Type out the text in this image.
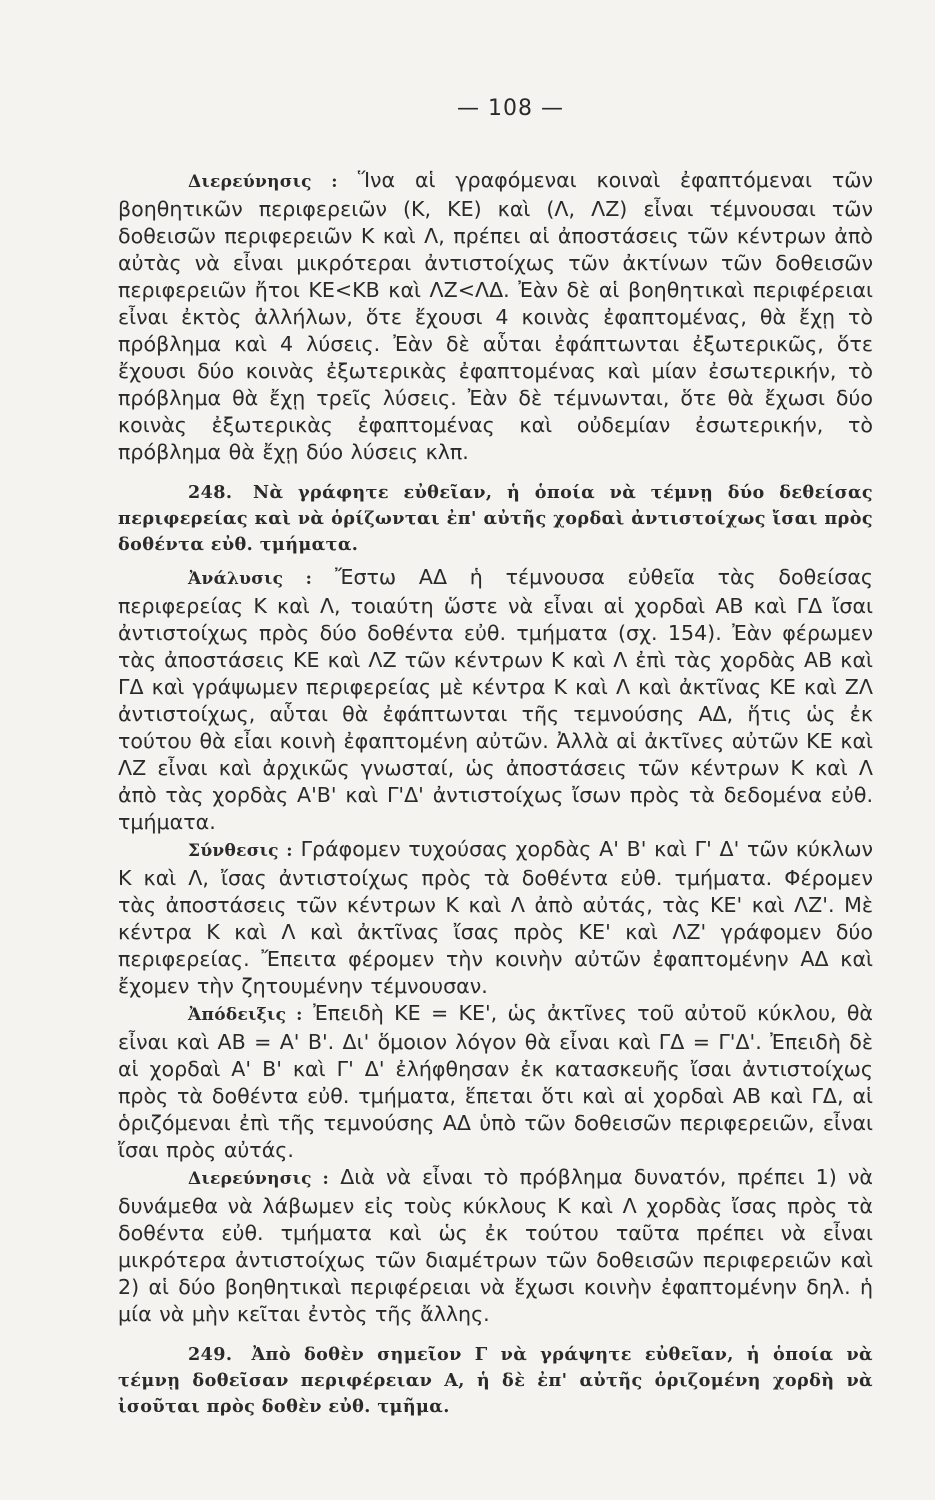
— 108 —

Διερεύνησις : Ἵνα αἱ γραφόμεναι κοιναὶ ἐφαπτόμεναι τῶν βοηθητικῶν περιφερειῶν (Κ, ΚΕ) καὶ (Λ, ΛΖ) εἶναι τέμνουσαι τῶν δοθεισῶν περιφερειῶν Κ καὶ Λ, πρέπει αἱ ἀποστάσεις τῶν κέντρων ἀπὸ αὐτὰς νὰ εἶναι μικρότεραι ἀντιστοίχως τῶν ἀκτίνων τῶν δοθεισῶν περιφερειῶν ἤτοι ΚΕ<ΚΒ καὶ ΛΖ<ΛΔ. Ἐὰν δὲ αἱ βοηθητικαὶ περιφέρειαι εἶναι ἐκτὸς ἀλλήλων, ὅτε ἔχουσι 4 κοινὰς ἐφαπτομένας, θὰ ἔχῃ τὸ πρόβλημα καὶ 4 λύσεις. Ἐὰν δὲ αὗται ἐφάπτωνται ἐξωτερικῶς, ὅτε ἔχουσι δύο κοινὰς ἐξωτερικὰς ἐφαπτομένας καὶ μίαν ἐσωτερικήν, τὸ πρόβλημα θὰ ἔχῃ τρεῖς λύσεις. Ἐὰν δὲ τέμνωνται, ὅτε θὰ ἔχωσι δύο κοινὰς ἐξωτερικὰς ἐφαπτομένας καὶ οὐδεμίαν ἐσωτερικήν, τὸ πρόβλημα θὰ ἔχῃ δύο λύσεις κλπ.

248. Νὰ γράφητε εὐθεῖαν, ἡ ὁποία νὰ τέμνῃ δύο δεθείσας περιφερείας καὶ νὰ ὁρίζωνται ἐπ' αὐτῆς χορδαὶ ἀντιστοίχως ἴσαι πρὸς δοθέντα εὐθ. τμήματα.

Ἀνάλυσις : Ἔστω ΑΔ ἡ τέμνουσα εὐθεῖα τὰς δοθείσας περιφερείας Κ καὶ Λ, τοιαύτη ὥστε νὰ εἶναι αἱ χορδαὶ ΑΒ καὶ ΓΔ ἴσαι ἀντιστοίχως πρὸς δύο δοθέντα εὐθ. τμήματα (σχ. 154). Ἐὰν φέρωμεν τὰς ἀποστάσεις ΚΕ καὶ ΛΖ τῶν κέντρων Κ καὶ Λ ἐπὶ τὰς χορδὰς ΑΒ καὶ ΓΔ καὶ γράψωμεν περιφερείας μὲ κέντρα Κ καὶ Λ καὶ ἀκτῖνας ΚΕ καὶ ΖΛ ἀντιστοίχως, αὗται θὰ ἐφάπτωνται τῆς τεμνούσης ΑΔ, ἥτις ὡς ἐκ τούτου θὰ εἶαι κοινὴ ἐφαπτομένη αὐτῶν. Ἀλλὰ αἱ ἀκτῖνες αὐτῶν ΚΕ καὶ ΛΖ εἶναι καὶ ἀρχικῶς γνωσταί, ὡς ἀποστάσεις τῶν κέντρων Κ καὶ Λ ἀπὸ τὰς χορδὰς Α'Β' καὶ Γ'Δ' ἀντιστοίχως ἴσων πρὸς τὰ δεδομένα εὐθ. τμήματα.

Σύνθεσις : Γράφομεν τυχούσας χορδὰς Α' Β' καὶ Γ' Δ' τῶν κύκλων Κ καὶ Λ, ἴσας ἀντιστοίχως πρὸς τὰ δοθέντα εὐθ. τμήματα. Φέρομεν τὰς ἀποστάσεις τῶν κέντρων Κ καὶ Λ ἀπὸ αὐτάς, τὰς ΚΕ' καὶ ΛΖ'. Μὲ κέντρα Κ καὶ Λ καὶ ἀκτῖνας ἴσας πρὸς ΚΕ' καὶ ΛΖ' γράφομεν δύο περιφερείας. Ἔπειτα φέρομεν τὴν κοινὴν αὐτῶν ἐφαπτομένην ΑΔ καὶ ἔχομεν τὴν ζητουμένην τέμνουσαν.

Ἀπόδειξις : Ἐπειδὴ ΚΕ = ΚΕ', ὡς ἀκτῖνες τοῦ αὐτοῦ κύκλου, θὰ εἶναι καὶ ΑΒ = Α' Β'. Δι' ὅμοιον λόγον θὰ εἶναι καὶ ΓΔ = Γ'Δ'. Ἐπειδὴ δὲ αἱ χορδαὶ Α' Β' καὶ Γ' Δ' ἐλήφθησαν ἐκ κατασκευῆς ἴσαι ἀντιστοίχως πρὸς τὰ δοθέντα εὐθ. τμήματα, ἕπεται ὅτι καὶ αἱ χορδαὶ ΑΒ καὶ ΓΔ, αἱ ὁριζόμεναι ἐπὶ τῆς τεμνούσης ΑΔ ὑπὸ τῶν δοθεισῶν περιφερειῶν, εἶναι ἴσαι πρὸς αὐτάς.

Διερεύνησις : Διὰ νὰ εἶναι τὸ πρόβλημα δυνατόν, πρέπει 1) νὰ δυνάμεθα νὰ λάβωμεν εἰς τοὺς κύκλους Κ καὶ Λ χορδὰς ἴσας πρὸς τὰ δοθέντα εὐθ. τμήματα καὶ ὡς ἐκ τούτου ταῦτα πρέπει νὰ εἶναι μικρότερα ἀντιστοίχως τῶν διαμέτρων τῶν δοθεισῶν περιφερειῶν καὶ 2) αἱ δύο βοηθητικαὶ περιφέρειαι νὰ ἔχωσι κοινὴν ἐφαπτομένην δηλ. ἡ μία νὰ μὴν κεῖται ἐντὸς τῆς ἄλλης.

249. Ἀπὸ δοθὲν σημεῖον Γ νὰ γράψητε εὐθεῖαν, ἡ ὁποία νὰ τέμνῃ δοθεῖσαν περιφέρειαν Α, ἡ δὲ ἐπ' αὐτῆς ὁριζομένη χορδὴ νὰ ἰσοῦται πρὸς δοθὲν εὐθ. τμῆμα.
